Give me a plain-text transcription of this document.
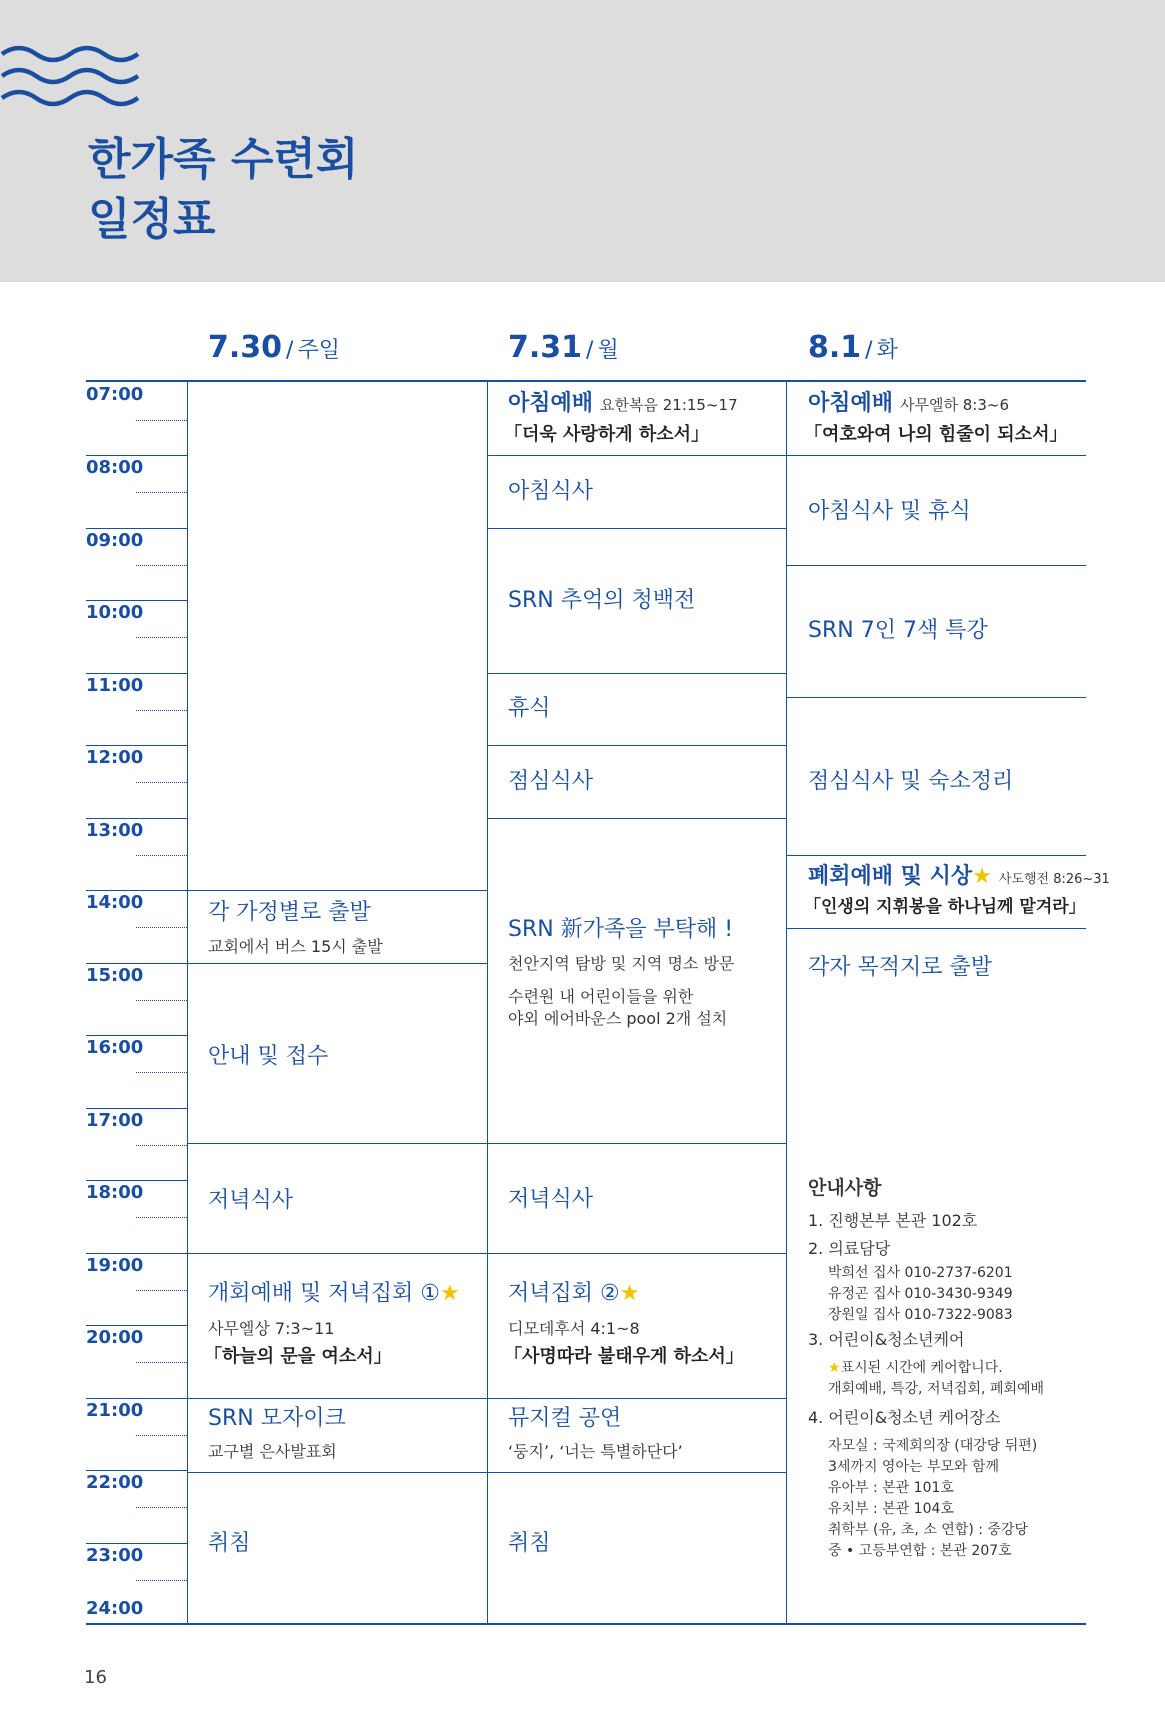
한가족 수련회
일정표
7.30 / 주일	7.31 / 월	8.1 / 화
07:00
08:00
09:00
10:00
11:00
12:00
13:00
14:00
15:00
16:00
17:00
18:00
19:00
20:00
21:00
22:00
23:00
24:00
각 가정별로 출발
교회에서 버스 15시 출발
안내 및 접수
저녁식사
개회예배 및 저녁집회 ①★
사무엘상 7:3~11
「하늘의 문을 여소서」
SRN 모자이크
교구별 은사발표회
취침
아침예배 요한복음 21:15~17
「더욱 사랑하게 하소서」
아침식사
SRN 추억의 청백전
휴식
점심식사
SRN 新가족을 부탁해 !
천안지역 탐방 및 지역 명소 방문
수련원 내 어린이들을 위한
야외 에어바운스 pool 2개 설치
저녁식사
저녁집회 ②★
디모데후서 4:1~8
「사명따라 불태우게 하소서」
뮤지컬 공연
‘둥지’, ‘너는 특별하단다’
취침
아침예배 사무엘하 8:3~6
「여호와여 나의 힘줄이 되소서」
아침식사 및 휴식
SRN 7인 7색 특강
점심식사 및 숙소정리
폐회예배 및 시상★ 사도행전 8:26~31
「인생의 지휘봉을 하나님께 맡겨라」
각자 목적지로 출발
안내사항
1. 진행본부 본관 102호
2. 의료담당
박희선 집사 010-2737-6201
유정곤 집사 010-3430-9349
장원일 집사 010-7322-9083
3. 어린이&청소년케어
★표시된 시간에 케어합니다.
개회예배, 특강, 저녁집회, 폐회예배
4. 어린이&청소년 케어장소
자모실 : 국제회의장 (대강당 뒤편)
3세까지 영아는 부모와 함께
유아부 : 본관 101호
유치부 : 본관 104호
취학부 (유, 초, 소 연합) : 중강당
중 • 고등부연합 : 본관 207호
16
